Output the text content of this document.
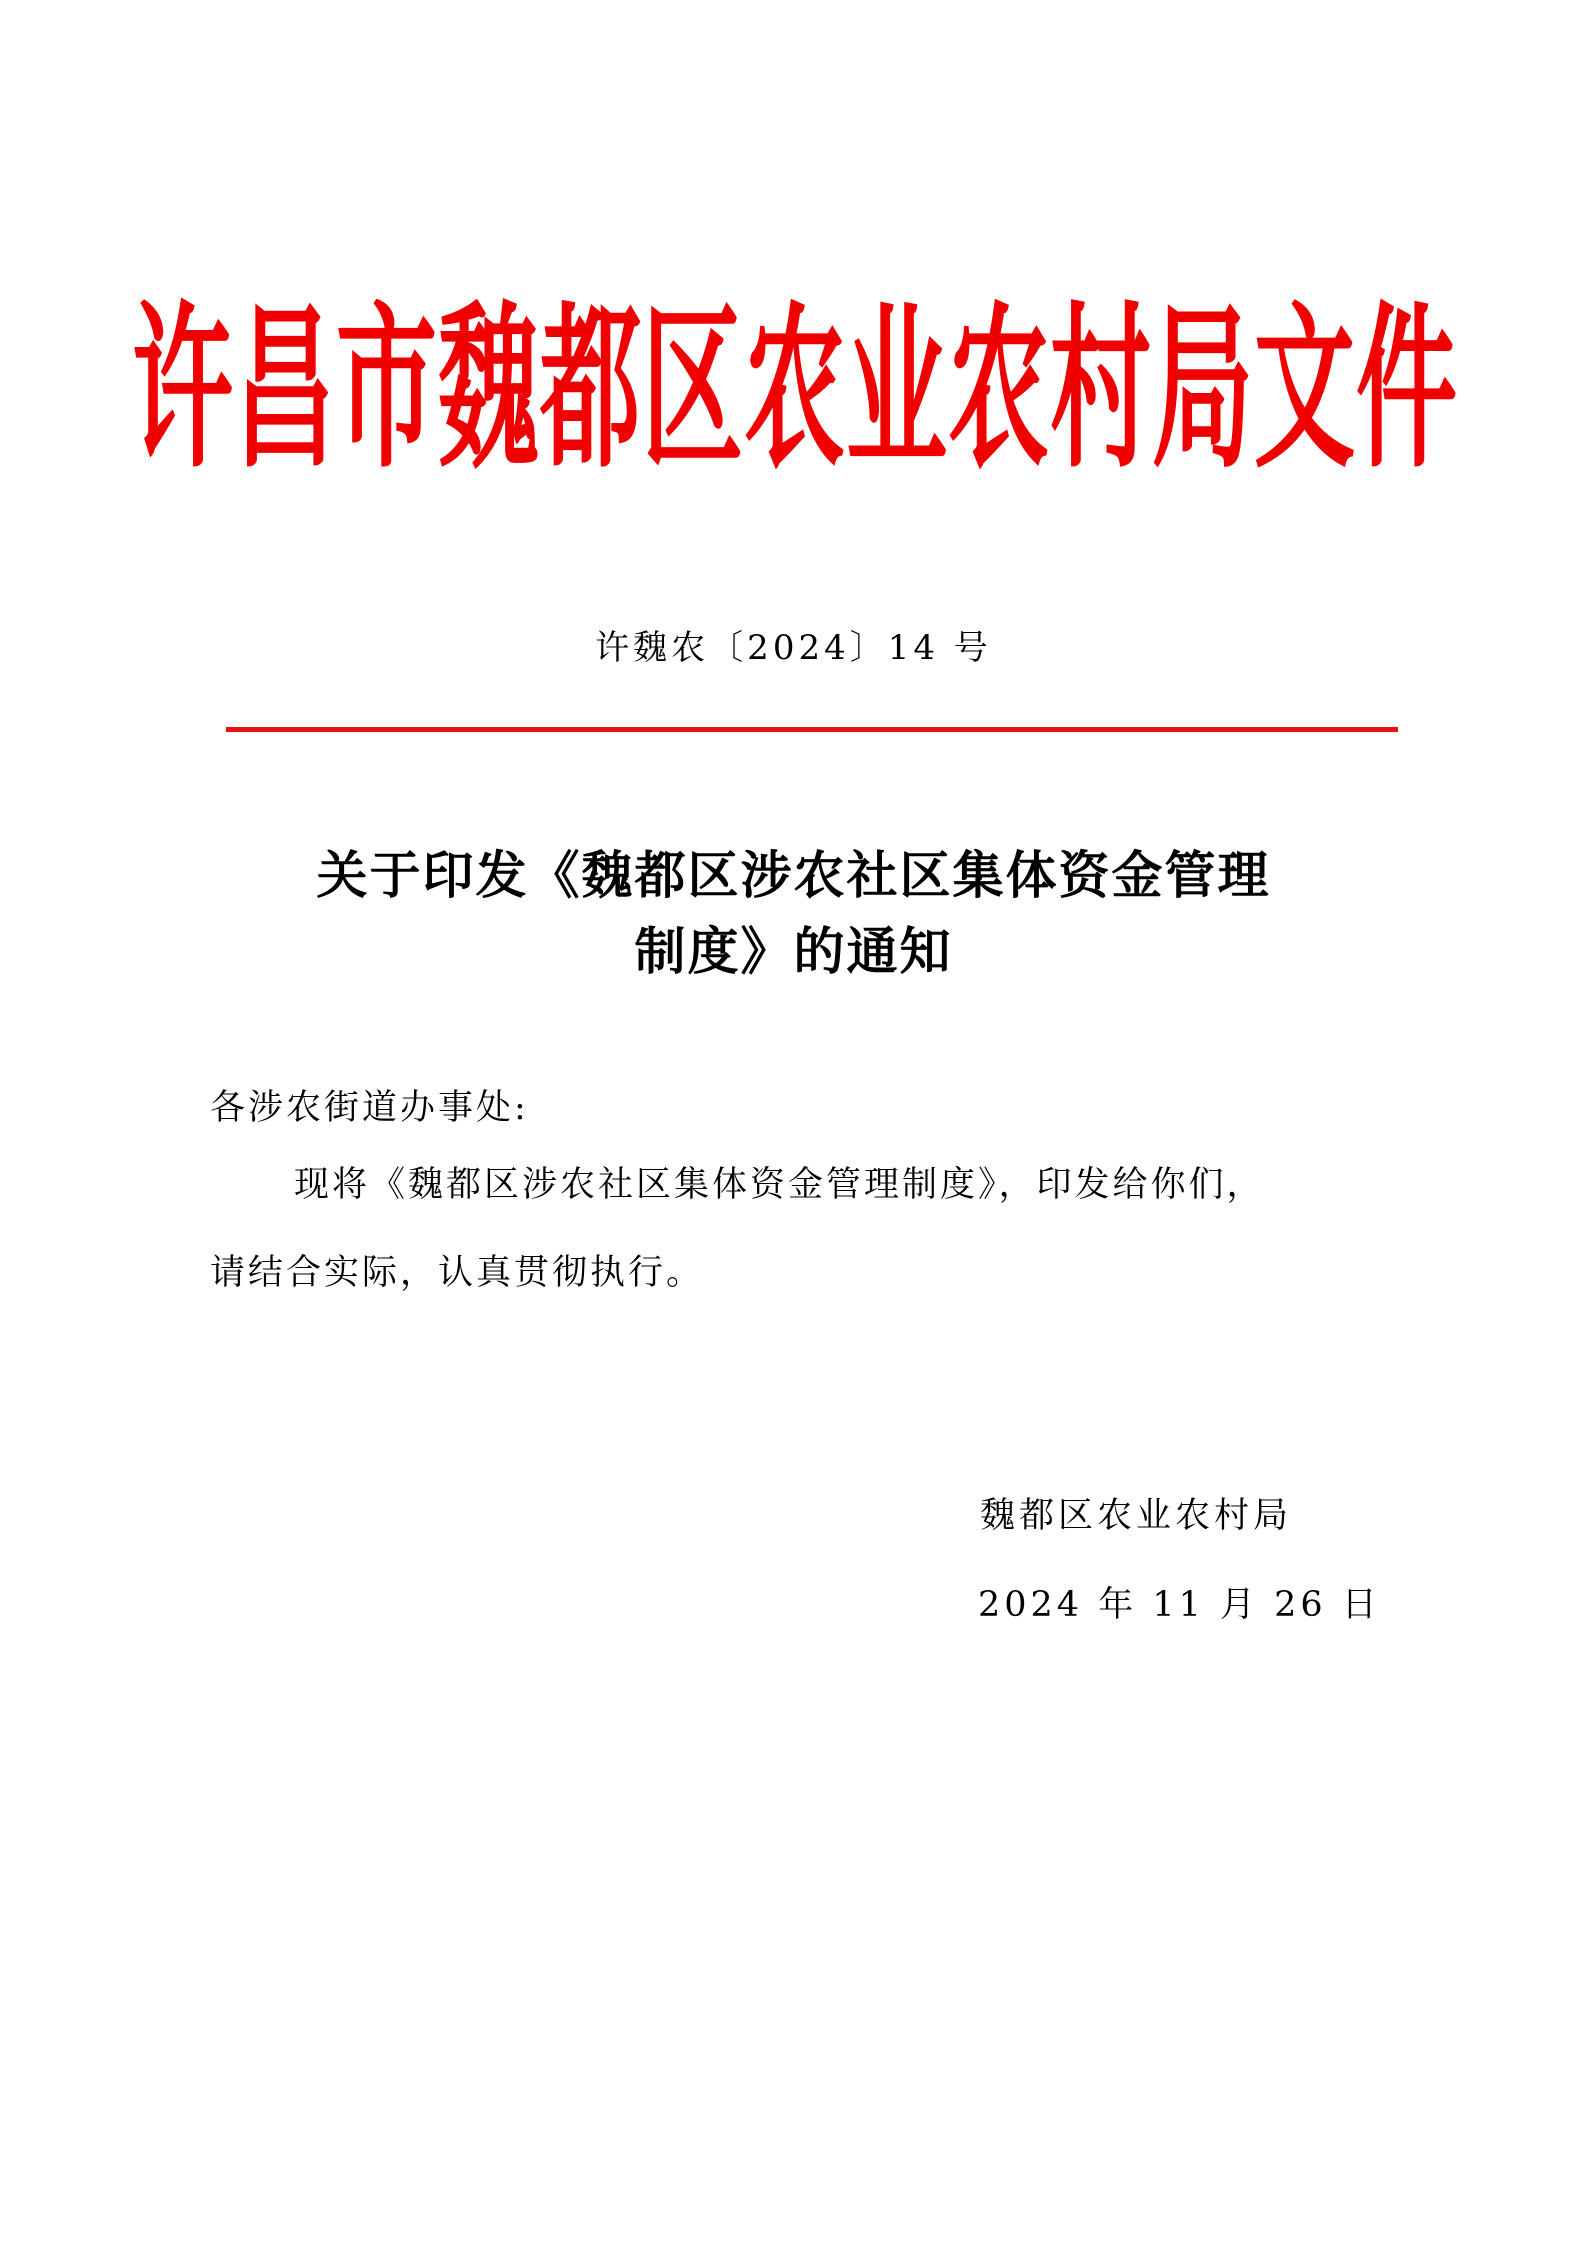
许昌市魏都区农业农村局文件
许魏农〔2024〕14 号
关于印发《魏都区涉农社区集体资金管理
制度》的通知
各涉农街道办事处:
现将《魏都区涉农社区集体资金管理制度》，印发给你们，
请结合实际，认真贯彻执行。
魏都区农业农村局
2024 年 11 月 26 日
